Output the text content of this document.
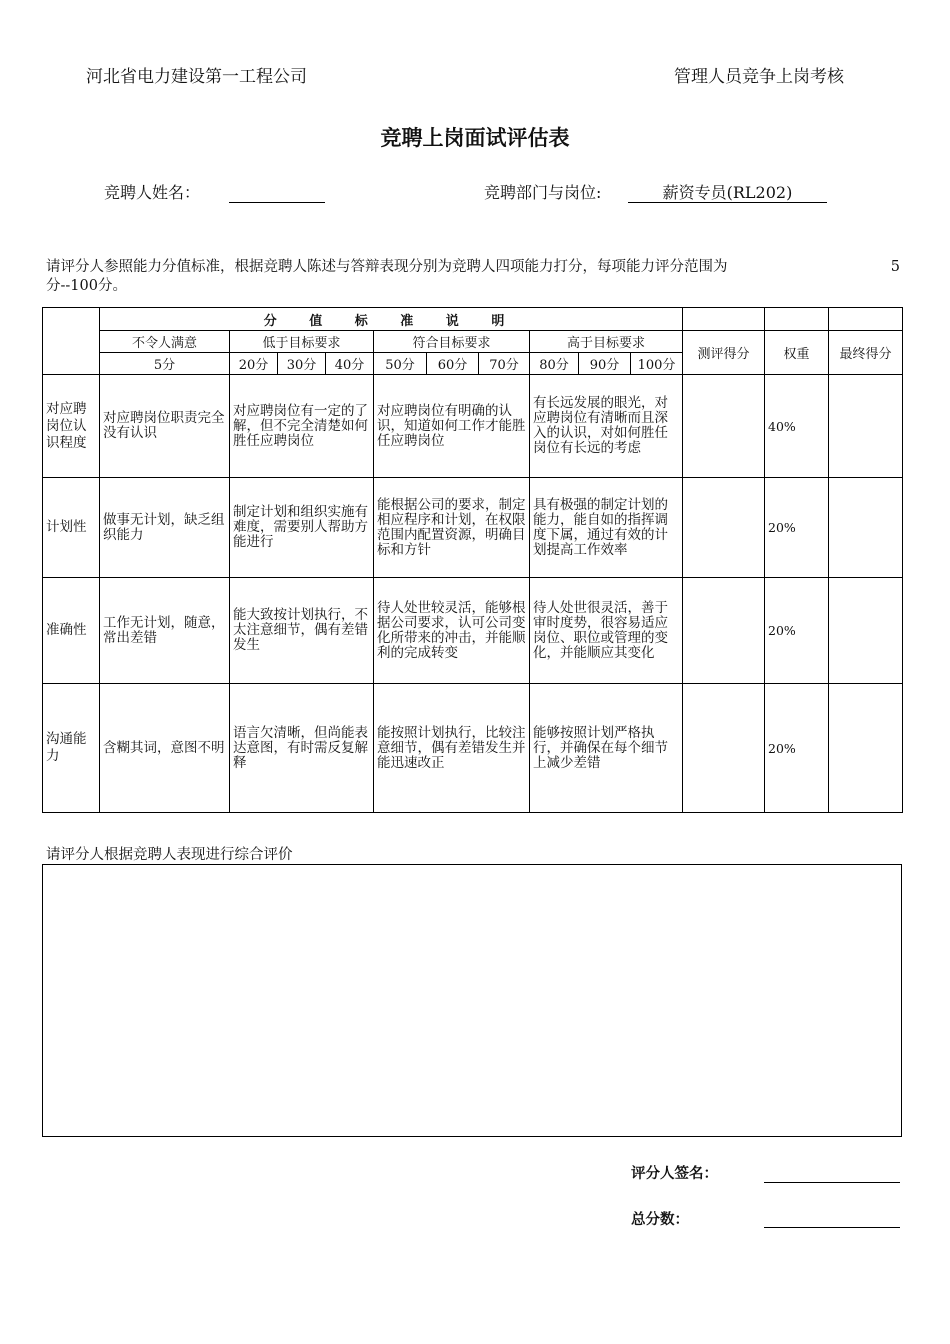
河北省电力建设第一工程公司	管理人员竞争上岗考核
竞聘上岗面试评估表
竞聘人姓名：	竞聘部门与岗位:	薪资专员(RL202)
请评分人参照能力分值标准，根据竞聘人陈述与答辩表现分别为竞聘人四项能力打分，每项能力评分范围为	5
分--100分。
	分 值 标 准 说 明												
	不令人满意	低于目标要求			符合目标要求			高于目标要求			测评得分	权重	最终得分
	5分	20分	30分	40分	50分	60分	70分	80分	90分	100分			
对应聘岗位认识程度	对应聘岗位职责完全没有认识	对应聘岗位有一定的了解，但不完全清楚如何胜任应聘岗位			对应聘岗位有明确的认识，知道如何工作才能胜任应聘岗位			有长远发展的眼光，对应聘岗位有清晰而且深入的认识，对如何胜任岗位有长远的考虑				40%	
计划性	做事无计划，缺乏组织能力	制定计划和组织实施有难度，需要别人帮助方能进行			能根据公司的要求，制定相应程序和计划，在权限范围内配置资源，明确目标和方针			具有极强的制定计划的能力，能自如的指挥调度下属，通过有效的计划提高工作效率				20%	
准确性	工作无计划，随意，常出差错	能大致按计划执行，不太注意细节，偶有差错发生			待人处世较灵活，能够根据公司要求，认可公司变化所带来的冲击，并能顺利的完成转变			待人处世很灵活，善于审时度势，很容易适应岗位、职位或管理的变化，并能顺应其变化				20%	
沟通能力	含糊其词，意图不明	语言欠清晰，但尚能表达意图，有时需反复解释			能按照计划执行，比较注意细节，偶有差错发生并能迅速改正			能够按照计划严格执行，并确保在每个细节上减少差错				20%	
请评分人根据竞聘人表现进行综合评价
评分人签名：
总分数：
